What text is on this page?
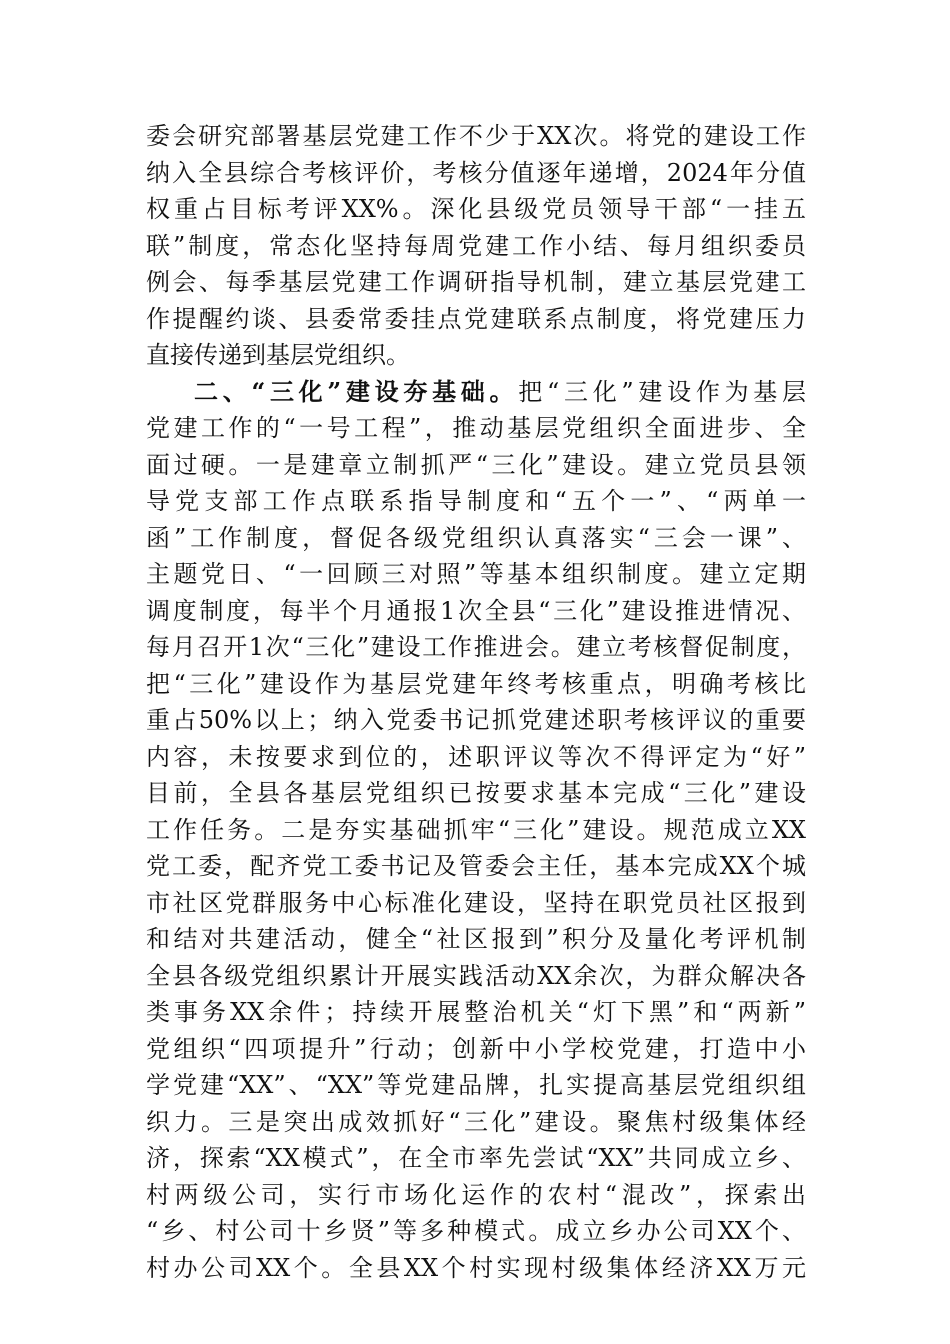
委会研究部署基层党建工作不少于XX次。将党的建设工作
纳入全县综合考核评价，考核分值逐年递增，2024年分值
权重占目标考评XX%。深化县级党员领导干部“一挂五
联”制度，常态化坚持每周党建工作小结、每月组织委员
例会、每季基层党建工作调研指导机制，建立基层党建工
作提醒约谈、县委常委挂点党建联系点制度，将党建压力
直接传递到基层党组织。
二、“三化”建设夯基础。把“三化”建设作为基层
党建工作的“一号工程”，推动基层党组织全面进步、全
面过硬。一是建章立制抓严“三化”建设。建立党员县领
导党支部工作点联系指导制度和“五个一”、“两单一
函”工作制度，督促各级党组织认真落实“三会一课”、
主题党日、“一回顾三对照”等基本组织制度。建立定期
调度制度，每半个月通报1次全县“三化”建设推进情况、
每月召开1次“三化”建设工作推进会。建立考核督促制度，
把“三化”建设作为基层党建年终考核重点，明确考核比
重占50%以上；纳入党委书记抓党建述职考核评议的重要
内容，未按要求到位的，述职评议等次不得评定为“好”
目前，全县各基层党组织已按要求基本完成“三化”建设
工作任务。二是夯实基础抓牢“三化”建设。规范成立XX
党工委，配齐党工委书记及管委会主任，基本完成XX个城
市社区党群服务中心标准化建设，坚持在职党员社区报到
和结对共建活动，健全“社区报到”积分及量化考评机制
全县各级党组织累计开展实践活动XX余次，为群众解决各
类事务XX余件；持续开展整治机关“灯下黑”和“两新”
党组织“四项提升”行动；创新中小学校党建，打造中小
学党建“XX”、“XX”等党建品牌，扎实提高基层党组织组
织力。三是突出成效抓好“三化”建设。聚焦村级集体经
济，探索“XX模式”，在全市率先尝试“XX”共同成立乡、
村两级公司，实行市场化运作的农村“混改”，探索出
“乡、村公司十乡贤”等多种模式。成立乡办公司XX个、
村办公司XX个。全县XX个村实现村级集体经济XX万元
